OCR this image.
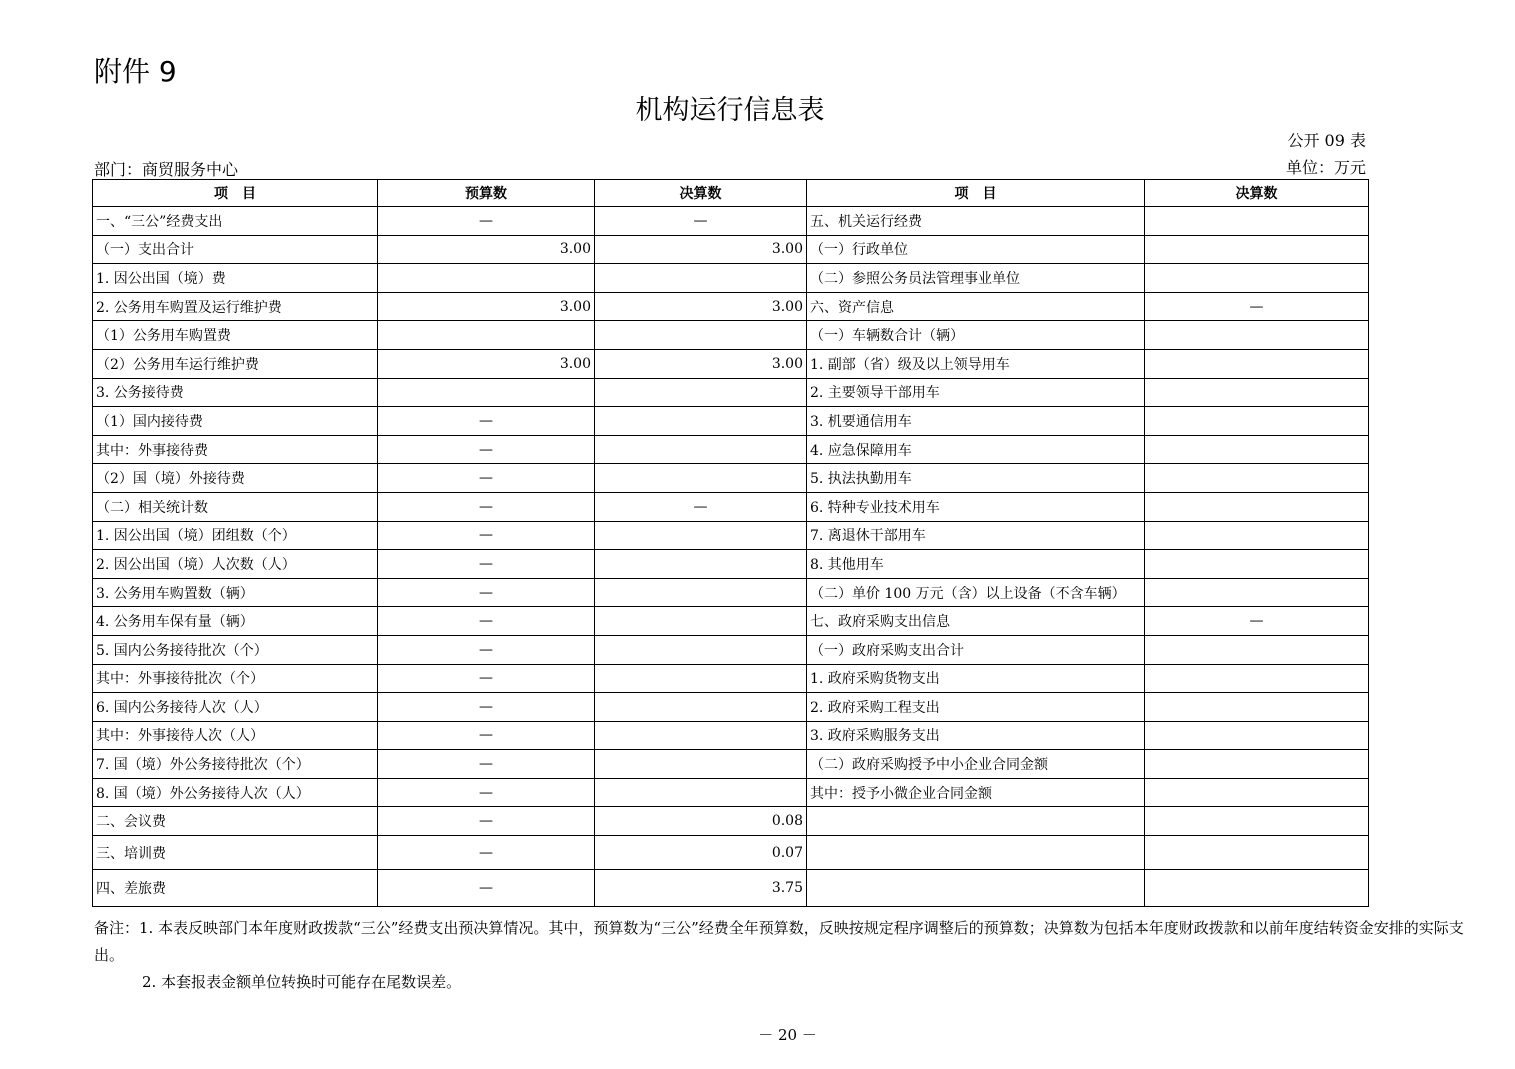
附件 9
机构运行信息表
公开 09 表
部门：商贸服务中心	单位：万元
项　目	预算数	决算数	项　目	决算数
一、“三公”经费支出	—	—	五、机关运行经费	
（一）支出合计	3.00	3.00	（一）行政单位	
1. 因公出国（境）费			（二）参照公务员法管理事业单位	
2. 公务用车购置及运行维护费	3.00	3.00	六、资产信息	—
（1）公务用车购置费			（一）车辆数合计（辆）	
（2）公务用车运行维护费	3.00	3.00	1. 副部（省）级及以上领导用车	
3. 公务接待费			2. 主要领导干部用车	
（1）国内接待费	—		3. 机要通信用车	
其中：外事接待费	—		4. 应急保障用车	
（2）国（境）外接待费	—		5. 执法执勤用车	
（二）相关统计数	—	—	6. 特种专业技术用车	
1. 因公出国（境）团组数（个）	—		7. 离退休干部用车	
2. 因公出国（境）人次数（人）	—		8. 其他用车	
3. 公务用车购置数（辆）	—		（二）单价 100 万元（含）以上设备（不含车辆）	
4. 公务用车保有量（辆）	—		七、政府采购支出信息	—
5. 国内公务接待批次（个）	—		（一）政府采购支出合计	
其中：外事接待批次（个）	—		1. 政府采购货物支出	
6. 国内公务接待人次（人）	—		2. 政府采购工程支出	
其中：外事接待人次（人）	—		3. 政府采购服务支出	
7. 国（境）外公务接待批次（个）	—		（二）政府采购授予中小企业合同金额	
8. 国（境）外公务接待人次（人）	—		其中：授予小微企业合同金额	
二、会议费	—	0.08		
三、培训费	—	0.07		
四、差旅费	—	3.75		

备注：1. 本表反映部门本年度财政拨款“三公”经费支出预决算情况。其中，预算数为“三公”经费全年预算数，反映按规定程序调整后的预算数；决算数为包括本年度财政拨款和以前年度结转资金安排的实际支出。

2. 本套报表金额单位转换时可能存在尾数误差。

－ 20 －
